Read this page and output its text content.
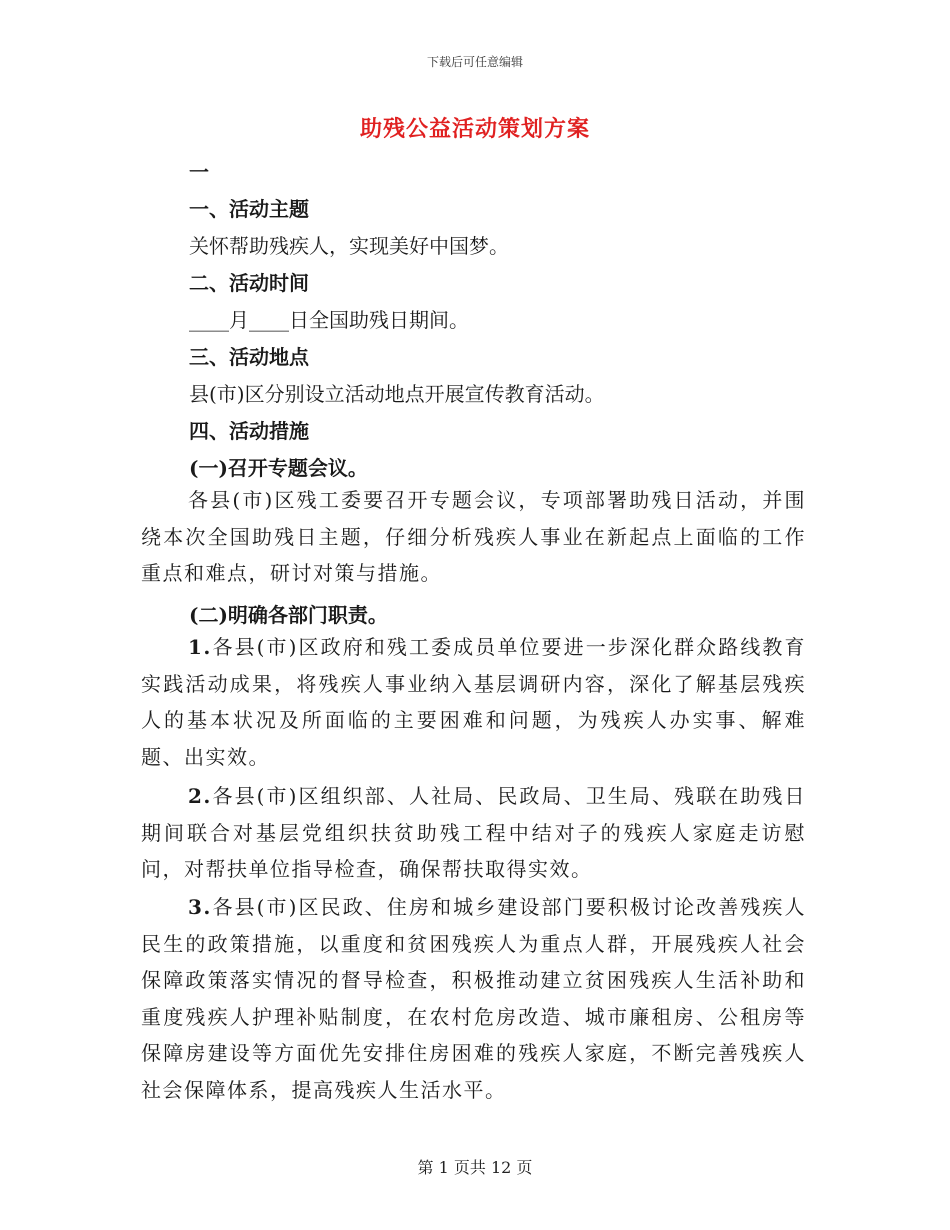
下载后可任意编辑
助残公益活动策划方案
一
一、活动主题
关怀帮助残疾人，实现美好中国梦。
二、活动时间
____月____日全国助残日期间。
三、活动地点
县(市)区分别设立活动地点开展宣传教育活动。
四、活动措施
(一)召开专题会议。
各县(市)区残工委要召开专题会议，专项部署助残日活动，并围绕本次全国助残日主题，仔细分析残疾人事业在新起点上面临的工作重点和难点，研讨对策与措施。
(二)明确各部门职责。
1.各县(市)区政府和残工委成员单位要进一步深化群众路线教育实践活动成果，将残疾人事业纳入基层调研内容，深化了解基层残疾人的基本状况及所面临的主要困难和问题，为残疾人办实事、解难题、出实效。
2.各县(市)区组织部、人社局、民政局、卫生局、残联在助残日期间联合对基层党组织扶贫助残工程中结对子的残疾人家庭走访慰问，对帮扶单位指导检查，确保帮扶取得实效。
3.各县(市)区民政、住房和城乡建设部门要积极讨论改善残疾人民生的政策措施，以重度和贫困残疾人为重点人群，开展残疾人社会保障政策落实情况的督导检查，积极推动建立贫困残疾人生活补助和重度残疾人护理补贴制度，在农村危房改造、城市廉租房、公租房等保障房建设等方面优先安排住房困难的残疾人家庭，不断完善残疾人社会保障体系，提高残疾人生活水平。
第 1 页共 12 页
